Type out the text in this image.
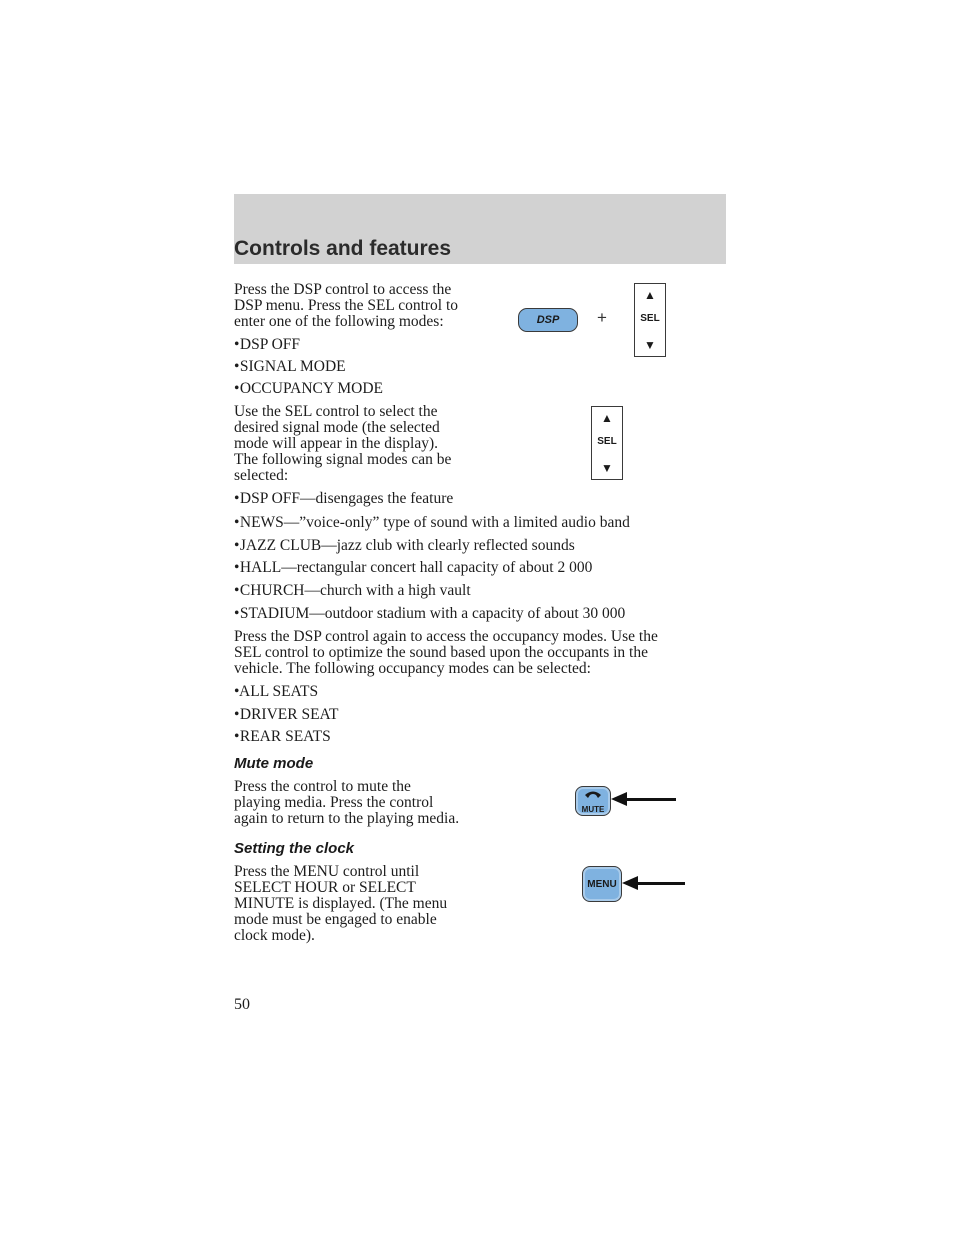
Controls and features
Press the DSP control to access the
DSP menu. Press the SEL control to
enter one of the following modes:
• DSP OFF
• SIGNAL MODE
• OCCUPANCY MODE
Use the SEL control to select the
desired signal mode (the selected
mode will appear in the display).
The following signal modes can be
selected:
• DSP OFF—disengages the feature
• NEWS—”voice-only” type of sound with a limited audio band
• JAZZ CLUB—jazz club with clearly reflected sounds
• HALL—rectangular concert hall capacity of about 2 000
• CHURCH—church with a high vault
• STADIUM—outdoor stadium with a capacity of about 30 000
Press the DSP control again to access the occupancy modes. Use the
SEL control to optimize the sound based upon the occupants in the
vehicle. The following occupancy modes can be selected:
• ALL SEATS
• DRIVER SEAT
• REAR SEATS
Mute mode
Press the control to mute the
playing media. Press the control
again to return to the playing media.
Setting the clock
Press the MENU control until
SELECT HOUR or SELECT
MINUTE is displayed. (The menu
mode must be engaged to enable
clock mode).
DSP	+
▲
SEL
▼
▲
SEL
▼
MUTE
MENU
50
